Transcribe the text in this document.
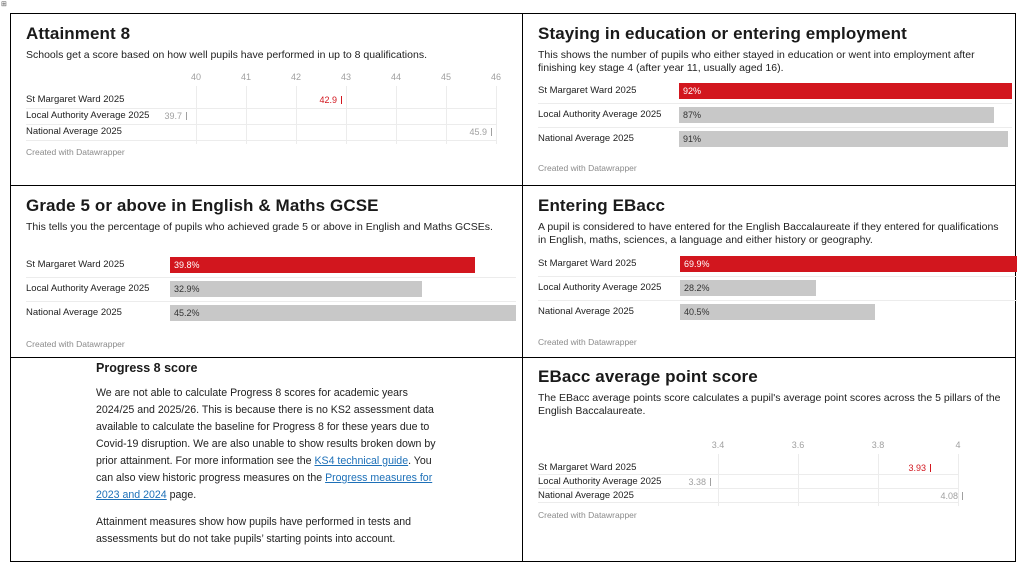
Attainment 8
Schools get a score based on how well pupils have performed in up to 8 qualifications.
40	41	42	43	44	45	46
St Margaret Ward 2025	42.9
Local Authority Average 2025 39.7
National Average 2025	45.9
Created with Datawrapper
Staying in education or entering employment
This shows the number of pupils who either stayed in education or went into employment after finishing key stage 4 (after year 11, usually aged 16).
St Margaret Ward 2025	92%
Local Authority Average 2025 87%
National Average 2025	91%
Created with Datawrapper
Grade 5 or above in English & Maths GCSE
This tells you the percentage of pupils who achieved grade 5 or above in English and Maths GCSEs.
St Margaret Ward 2025	39.8%
Local Authority Average 2025	32.9%
National Average 2025	45.2%
Created with Datawrapper
Entering EBacc
A pupil is considered to have entered for the English Baccalaureate if they entered for qualifications in English, maths, sciences, a language and either history or geography.
St Margaret Ward 2025	69.9%
Local Authority Average 2025	28.2%
National Average 2025	40.5%
Created with Datawrapper
Progress 8 score

We are not able to calculate Progress 8 scores for academic years 2024/25 and 2025/26. This is because there is no KS2 assessment data available to calculate the baseline for Progress 8 for these years due to Covid-19 disruption. We are also unable to show results broken down by prior attainment. For more information see the KS4 technical guide. You can also view historic progress measures on the Progress measures for 2023 and 2024 page.

Attainment measures show how pupils have performed in tests and assessments but do not take pupils’ starting points into account.

EBacc average point score
The EBacc average points score calculates a pupil's average point scores across the 5 pillars of the English Baccalaureate.
3.4	3.6	3.8	4
St Margaret Ward 2025	3.93
Local Authority Average 2025	3.38
National Average 2025	4.08
Created with Datawrapper
⊞
